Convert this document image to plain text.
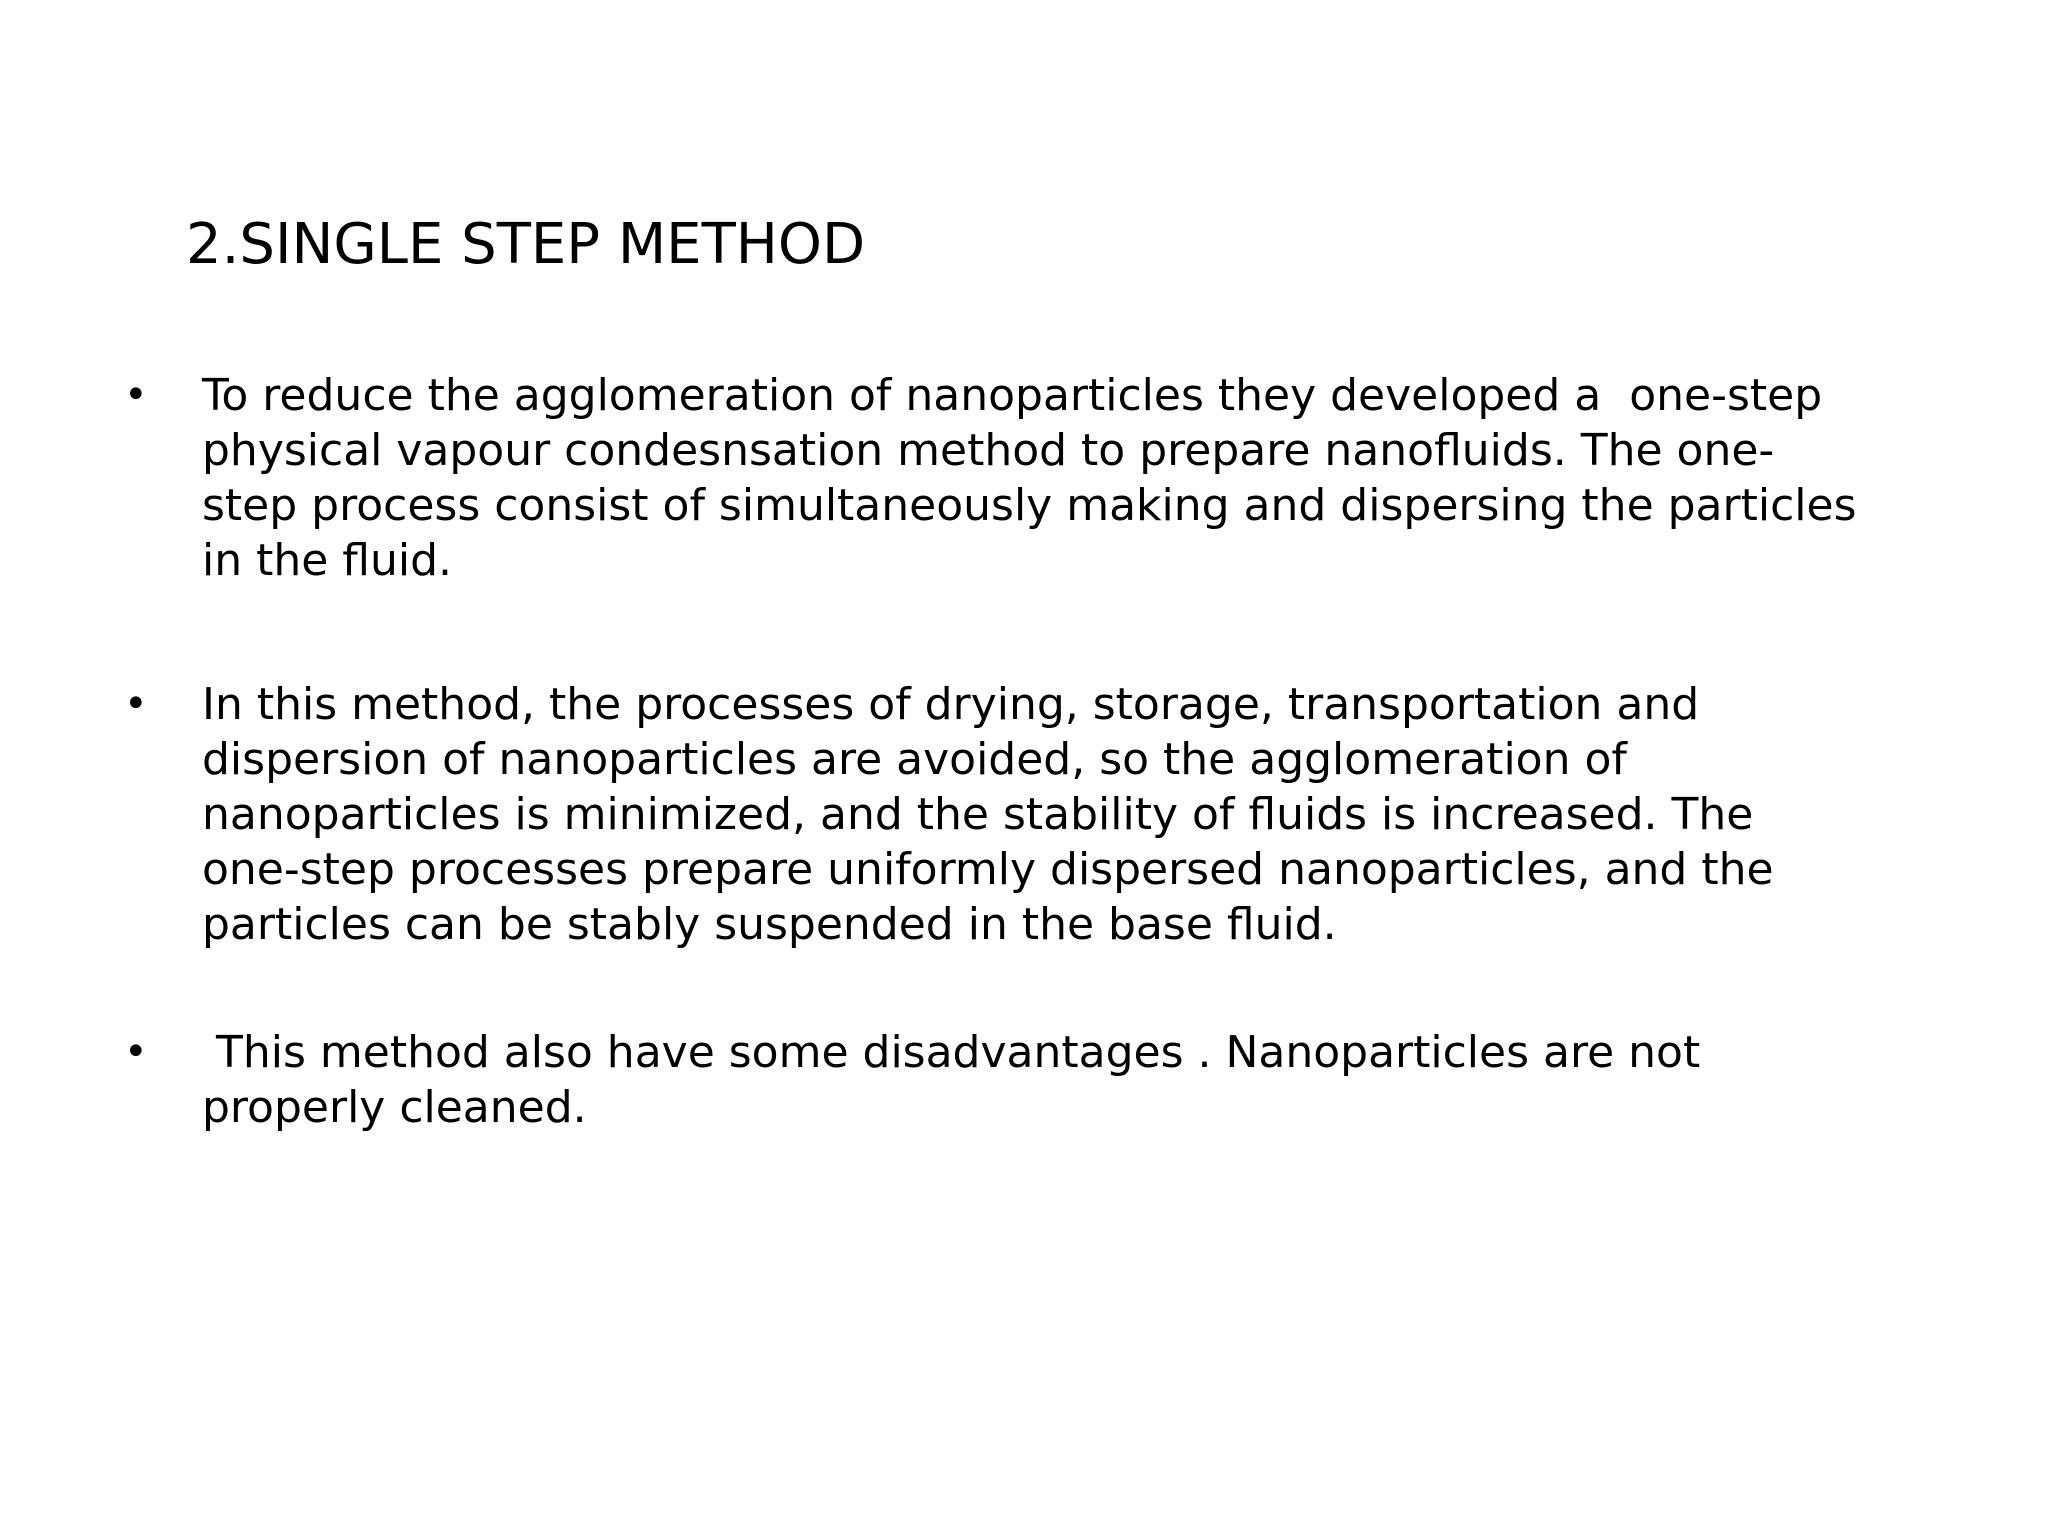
2.SINGLE STEP METHOD
• To reduce the agglomeration of nanoparticles they developed a  one-step
physical vapour condesnsation method to prepare nanofluids. The one-
step process consist of simultaneously making and dispersing the particles
in the fluid.
• In this method, the processes of drying, storage, transportation and
dispersion of nanoparticles are avoided, so the agglomeration of
nanoparticles is minimized, and the stability of fluids is increased. The
one-step processes prepare uniformly dispersed nanoparticles, and the
particles can be stably suspended in the base fluid.
• This method also have some disadvantages . Nanoparticles are not
properly cleaned.
